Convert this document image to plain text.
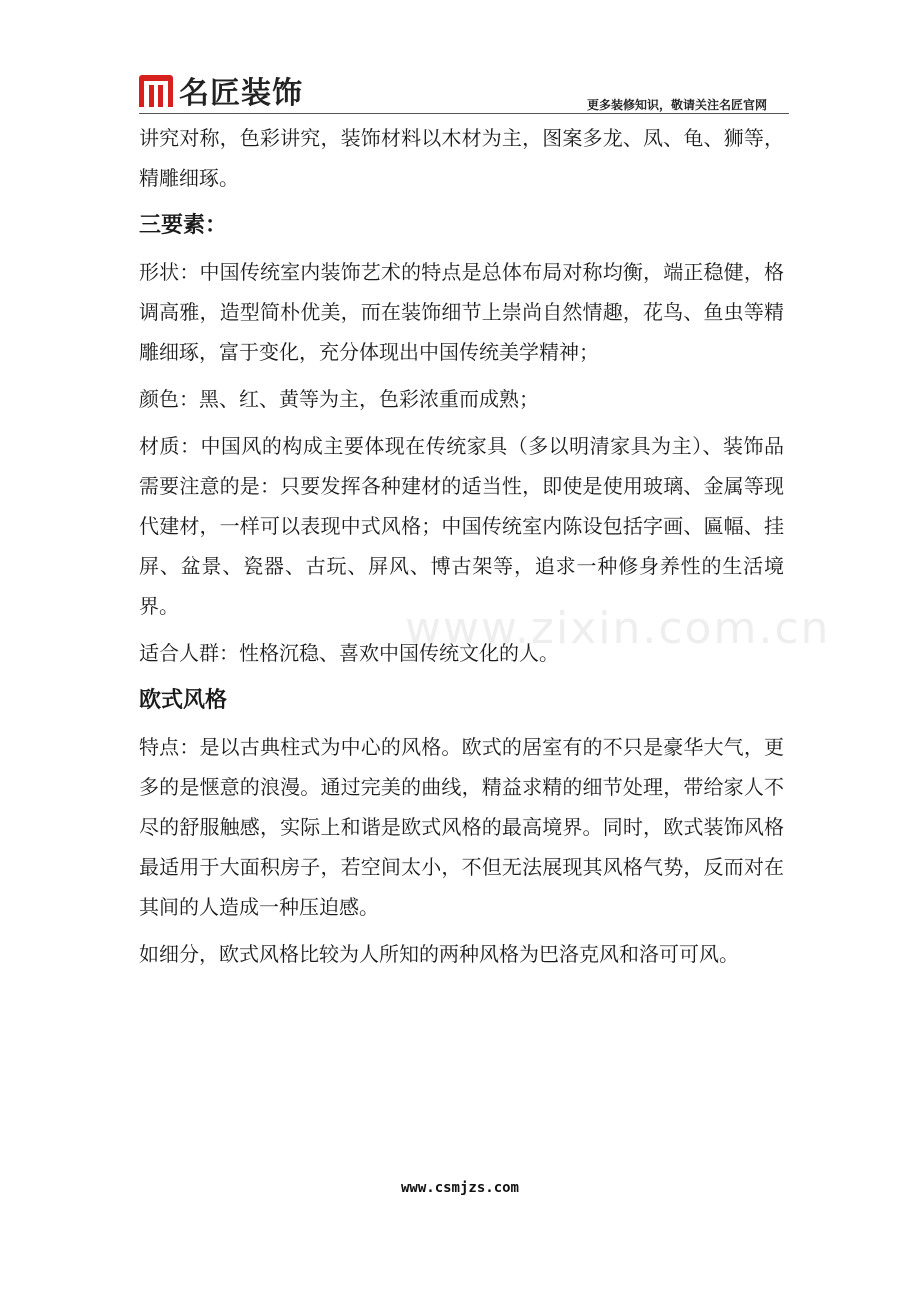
名匠装饰	更多装修知识，敬请关注名匠官网
www.zixin.com.cn

讲究对称，色彩讲究，装饰材料以木材为主，图案多龙、凤、龟、狮等，精雕细琢。

三要素：

形状：中国传统室内装饰艺术的特点是总体布局对称均衡，端正稳健，格调高雅，造型简朴优美，而在装饰细节上崇尚自然情趣，花鸟、鱼虫等精雕细琢，富于变化，充分体现出中国传统美学精神；

颜色：黑、红、黄等为主，色彩浓重而成熟；

材质：中国风的构成主要体现在传统家具（多以明清家具为主）、装饰品需要注意的是：只要发挥各种建材的适当性，即使是使用玻璃、金属等现代建材，一样可以表现中式风格；中国传统室内陈设包括字画、匾幅、挂屏、盆景、瓷器、古玩、屏风、博古架等，追求一种修身养性的生活境界。

适合人群：性格沉稳、喜欢中国传统文化的人。

欧式风格

特点：是以古典柱式为中心的风格。欧式的居室有的不只是豪华大气，更多的是惬意的浪漫。通过完美的曲线，精益求精的细节处理，带给家人不尽的舒服触感，实际上和谐是欧式风格的最高境界。同时，欧式装饰风格最适用于大面积房子，若空间太小，不但无法展现其风格气势，反而对在其间的人造成一种压迫感。

如细分，欧式风格比较为人所知的两种风格为巴洛克风和洛可可风。

www.csmjzs.com
